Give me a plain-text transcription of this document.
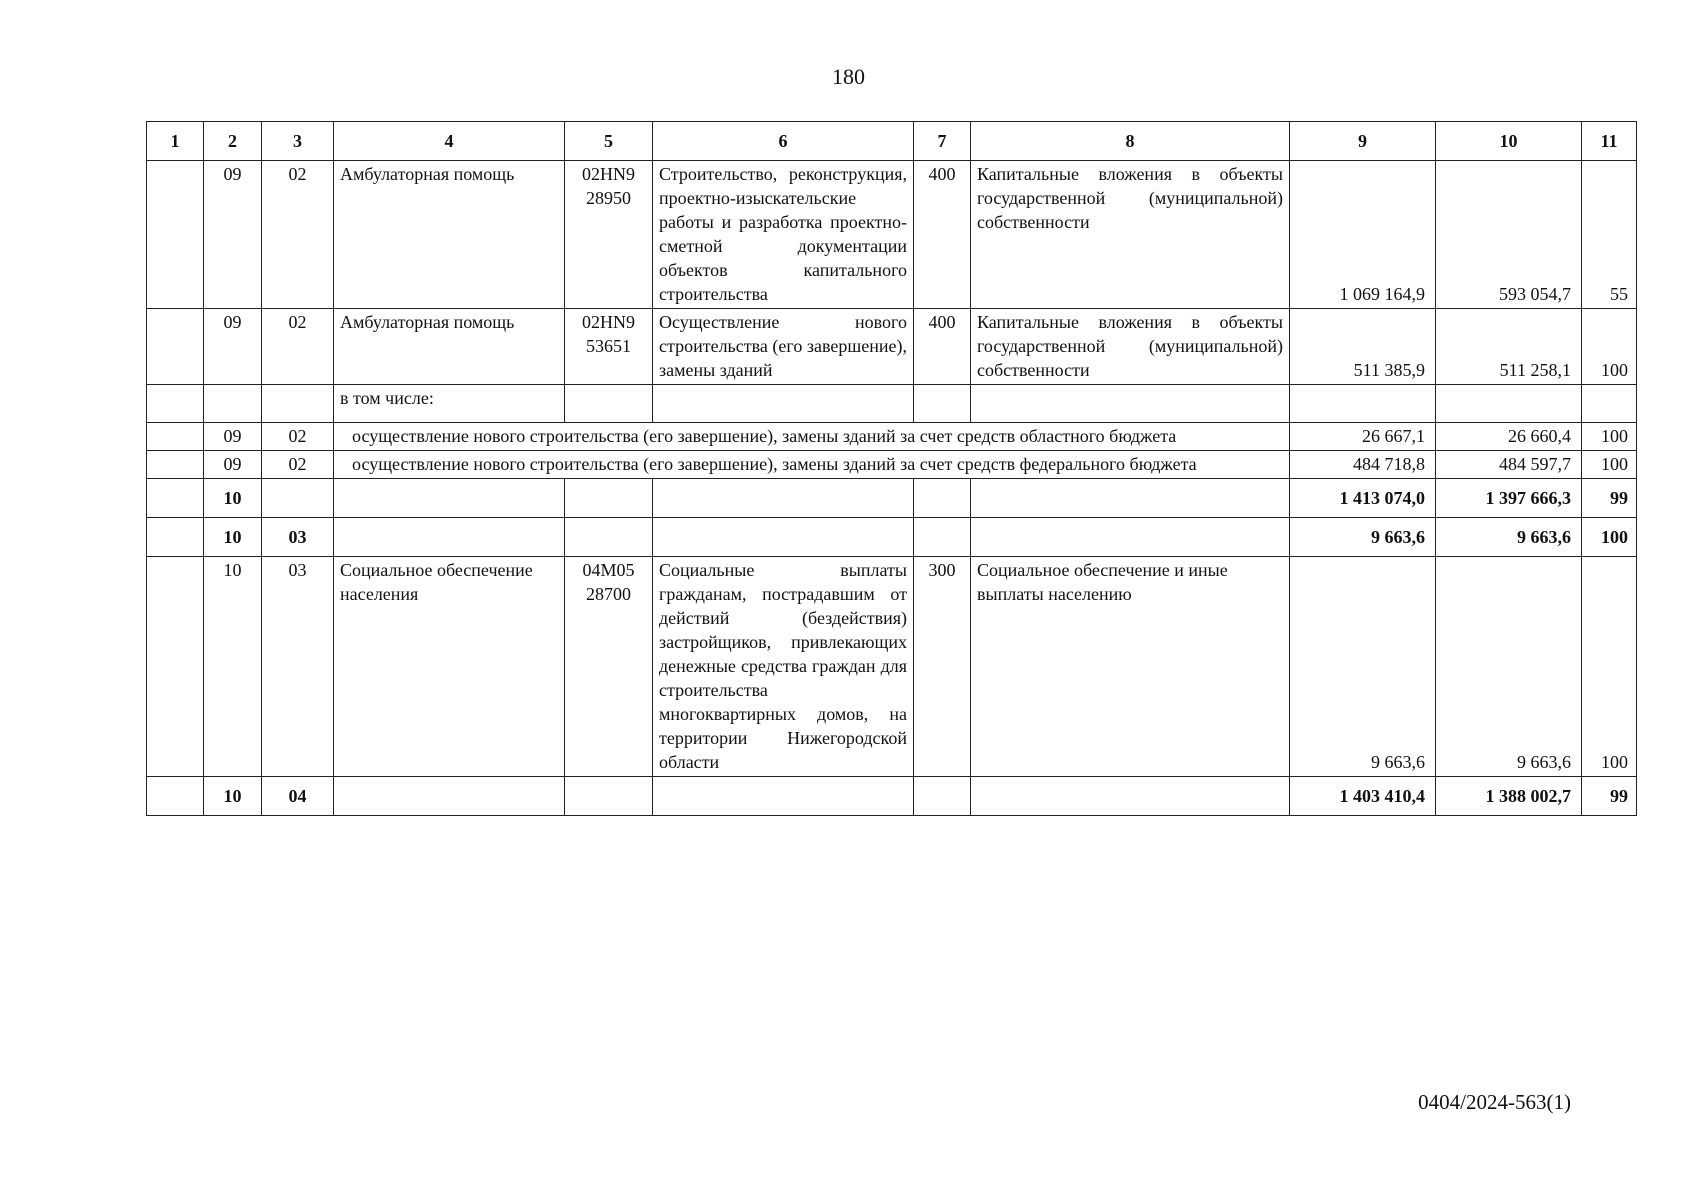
180
1	2	3	4	5	6	7	8	9	10	11
	09	02	Амбулаторная помощь	02HN9 28950	Строительство, реконструкция, проектно-изыскательские работы и разработка проектно-сметной документации объектов капитального строительства	400	Капитальные вложения в объекты государственной (муниципальной) собственности	1 069 164,9	593 054,7	55
	09	02	Амбулаторная помощь	02HN9 53651	Осуществление нового строительства (его завершение), замены зданий	400	Капитальные вложения в объекты государственной (муниципальной) собственности	511 385,9	511 258,1	100
			в том числе:							
	09	02	осуществление нового строительства (его завершение), замены зданий за счет средств областного бюджета					26 667,1	26 660,4	100
	09	02	осуществление нового строительства (его завершение), замены зданий за счет средств федерального бюджета					484 718,8	484 597,7	100
	10							1 413 074,0	1 397 666,3	99
	10	03						9 663,6	9 663,6	100
	10	03	Социальное обеспечение населения	04M05 28700	Социальные выплаты гражданам, пострадавшим от действий (бездействия) застройщиков, привлекающих денежные средства граждан для строительства многоквартирных домов, на территории Нижегородской области	300	Социальное обеспечение и иные выплаты населению	9 663,6	9 663,6	100
	10	04						1 403 410,4	1 388 002,7	99
0404/2024-563(1)
